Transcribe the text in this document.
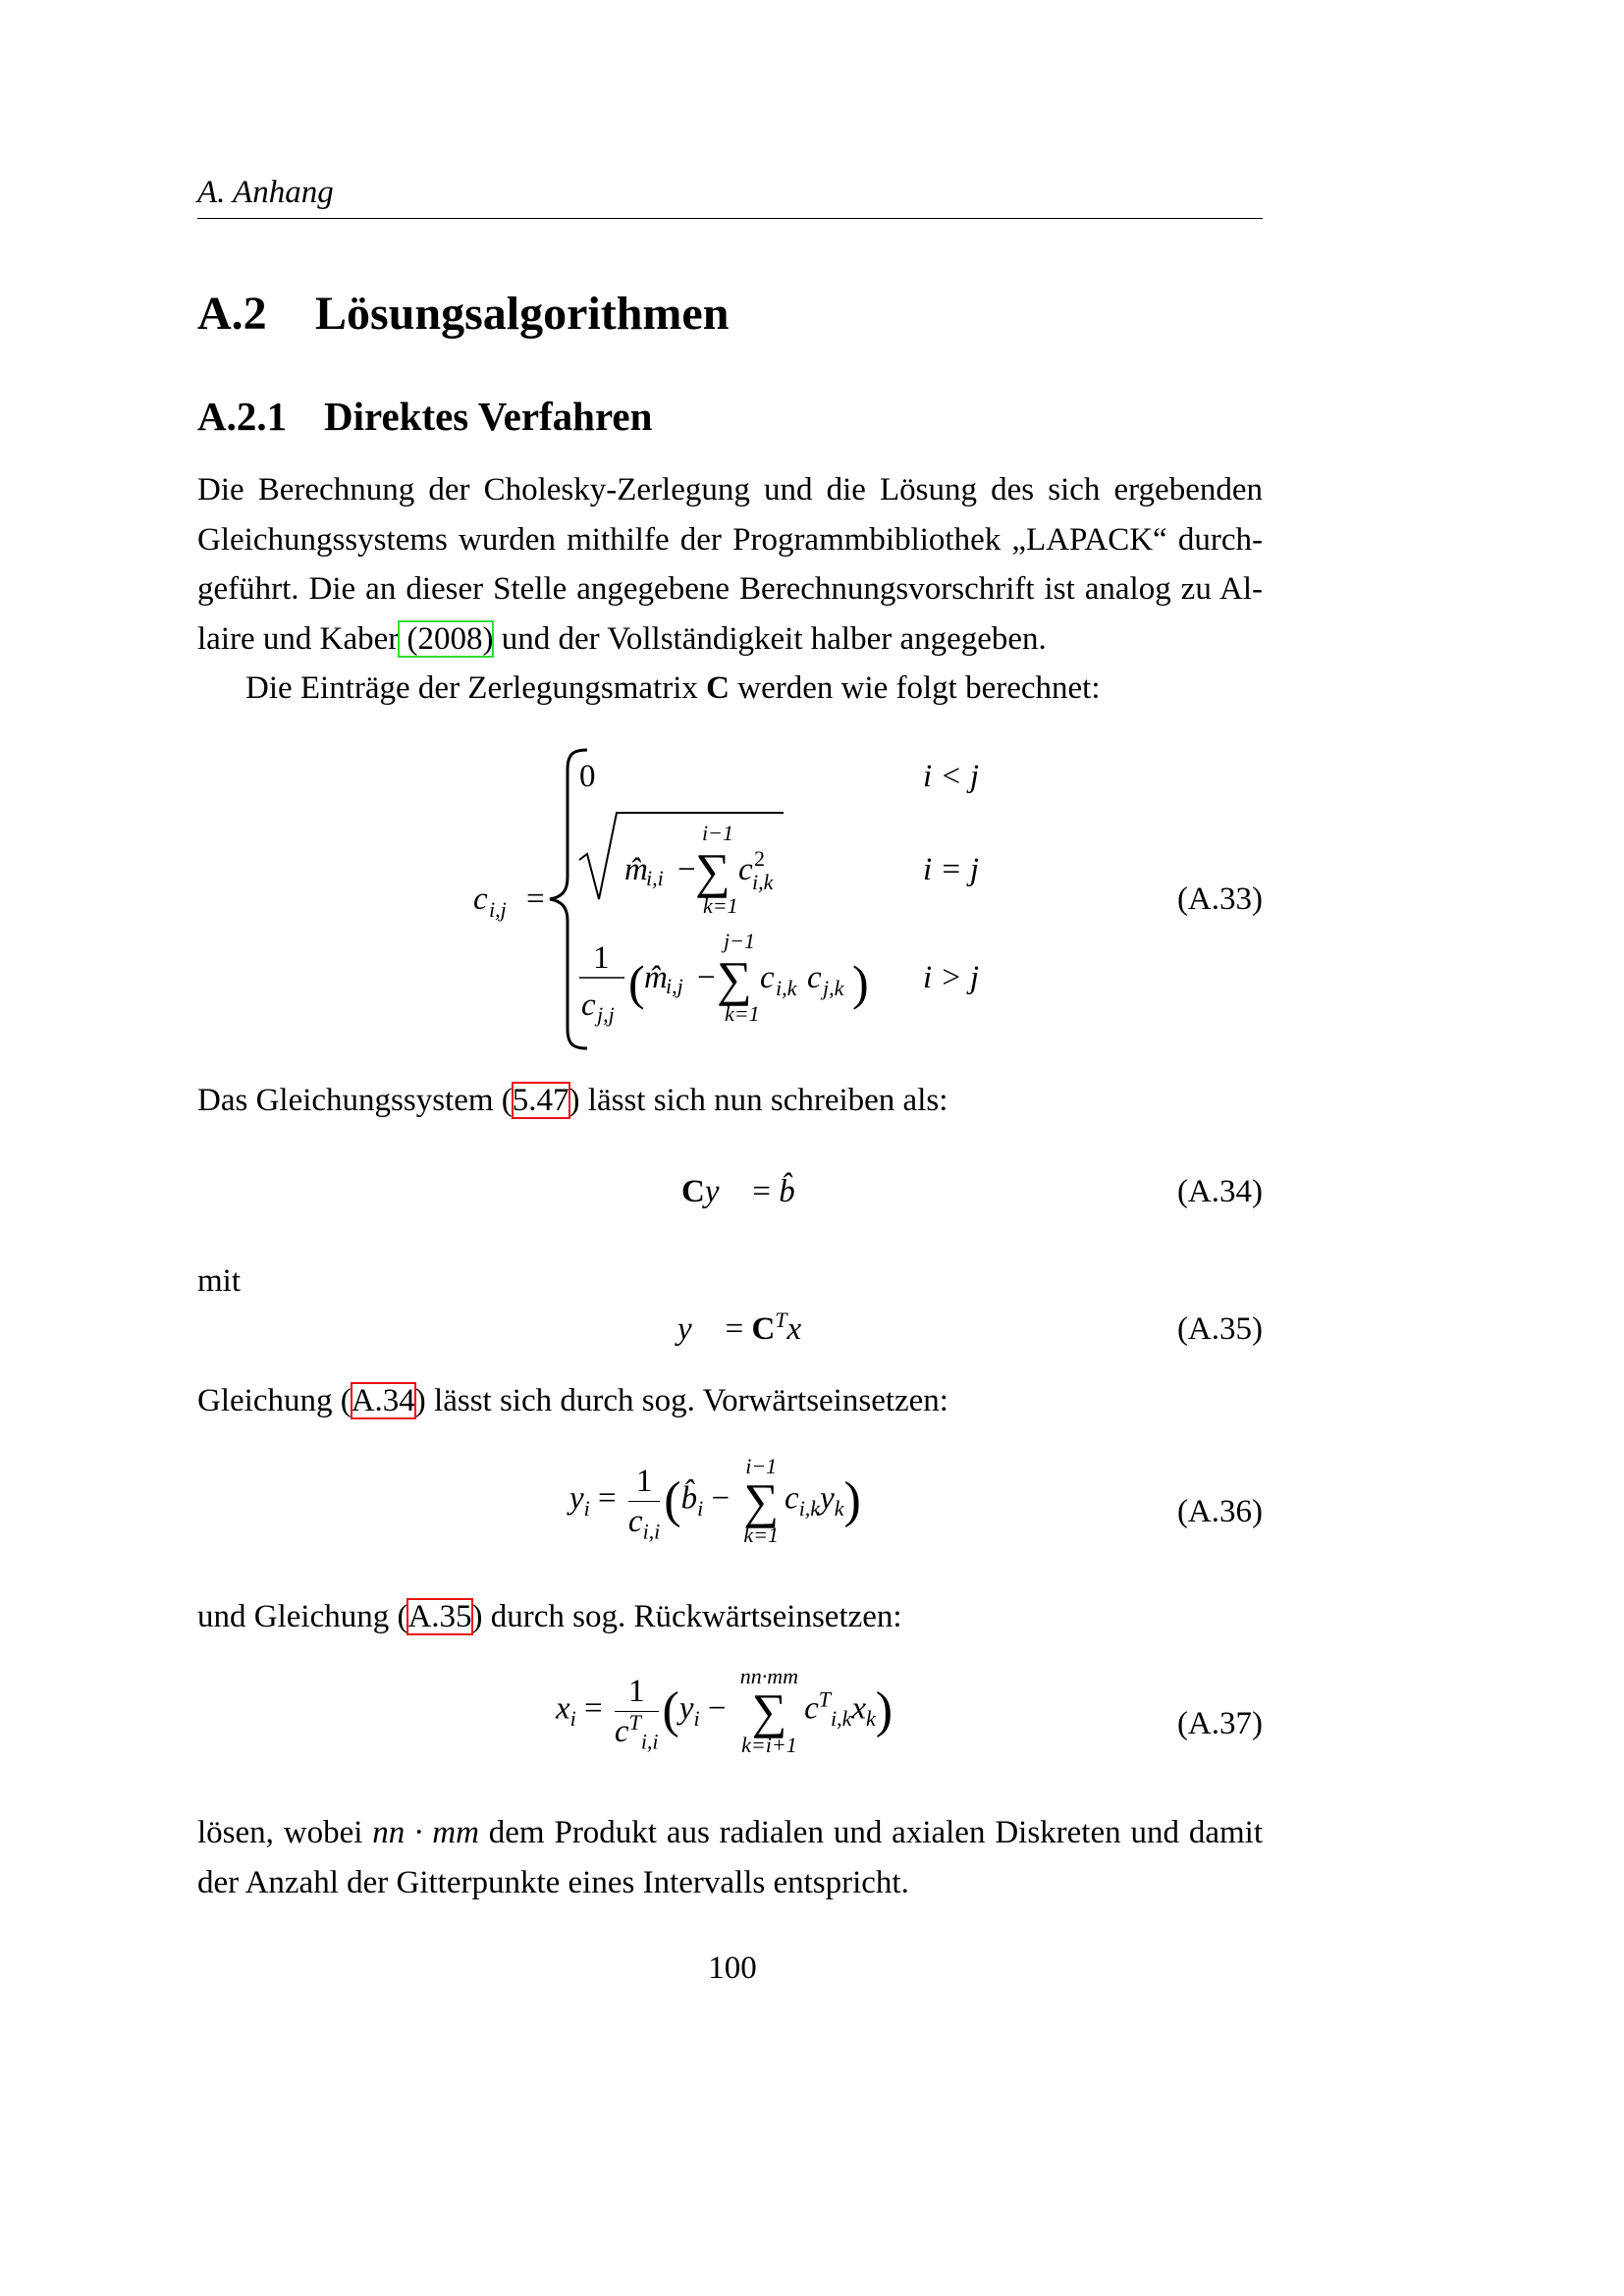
A. Anhang
A.2 Lösungsalgorithmen
A.2.1 Direktes Verfahren
Die Berechnung der Cholesky-Zerlegung und die Lösung des sich ergebenden
Gleichungssystems wurden mithilfe der Programmbibliothek „LAPACK“ durch-
geführt. Die an dieser Stelle angegebene Berechnungsvorschrift ist analog zu Al-
laire und Kaber (2008) und der Vollständigkeit halber angegeben.
Die Einträge der Zerlegungsmatrix C werden wie folgt berechnet:
c i,j =
0	i < j
m̂
i,i −
i−1
∑
k=1
c 2
i,k	i = j
1
c j,j
( m̂
i,j −
j−1
∑
k=1
c i,k c j,k ) i > j
(A.33)
Das Gleichungssystem (5.47) lässt sich nun schreiben als:
Cy⃗ = b̂⃗	(A.34)
mit
y⃗ = $C^Tx⃗$	(A.35)
Gleichung (A.34) lässt sich durch sog. Vorwärtseinsetzen:
$y_i = \frac{1}{c_{i,i}}$ ($b̂_i$ −
i−1
∑
k=1
$c_{i,k}y_k$)	(A.36)
und Gleichung (A.35) durch sog. Rückwärtseinsetzen:
$x_i = \frac{1}{c^T_{i,i}} (y_i$ −
nn·mm
∑
k=i+1
$c^T_{i,k}x_k$)	(A.37)
lösen, wobei nn · mm dem Produkt aus radialen und axialen Diskreten und damit
der Anzahl der Gitterpunkte eines Intervalls entspricht.
100
